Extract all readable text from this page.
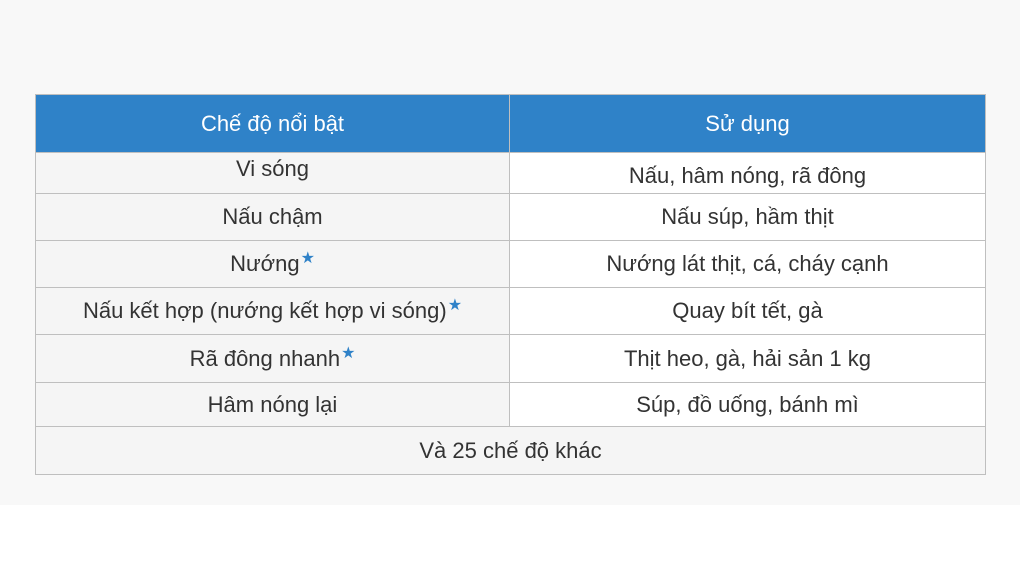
Chế độ nổi bật	Sử dụng
Vi sóng	Nấu, hâm nóng, rã đông
Nấu chậm	Nấu súp, hầm thịt
Nướng★	Nướng lát thịt, cá, cháy cạnh
Nấu kết hợp (nướng kết hợp vi sóng)★	Quay bít tết, gà
Rã đông nhanh★	Thịt heo, gà, hải sản 1 kg
Hâm nóng lại	Súp, đồ uống, bánh mì
Và 25 chế độ khác	
